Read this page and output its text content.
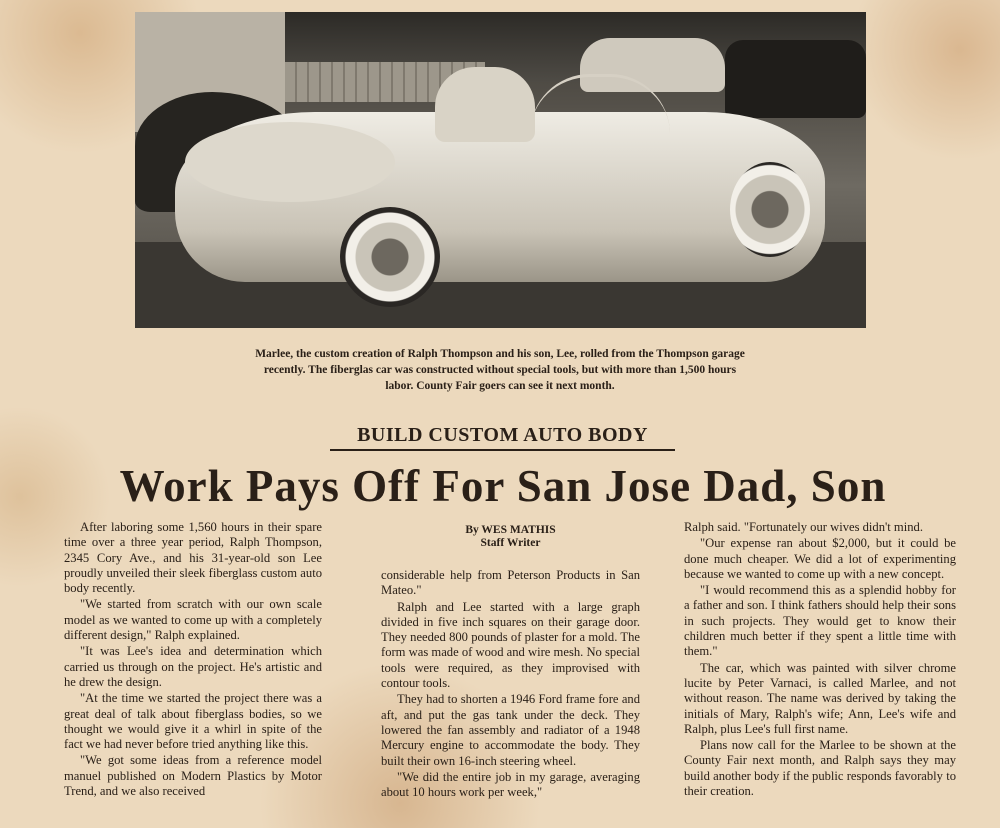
Marlee, the custom creation of Ralph Thompson and his son, Lee, rolled from the Thompson garage recently. The fiberglas car was constructed without special tools, but with more than 1,500 hours labor. County Fair goers can see it next month.
BUILD CUSTOM AUTO BODY
Work Pays Off For San Jose Dad, Son

After laboring some 1,560 hours in their spare time over a three year period, Ralph Thompson, 2345 Cory Ave., and his 31-year-old son Lee proudly unveiled their sleek fiberglass custom auto body recently.

"We started from scratch with our own scale model as we wanted to come up with a completely different design," Ralph explained.

"It was Lee's idea and determination which carried us through on the project. He's artistic and he drew the design.

"At the time we started the project there was a great deal of talk about fiberglass bodies, so we thought we would give it a whirl in spite of the fact we had never before tried anything like this.

"We got some ideas from a reference model manuel published on Modern Plastics by Motor Trend, and we also received

By WES MATHIS
Staff Writer

considerable help from Peterson Products in San Mateo."

Ralph and Lee started with a large graph divided in five inch squares on their garage door. They needed 800 pounds of plaster for a mold. The form was made of wood and wire mesh. No special tools were required, as they improvised with contour tools.

They had to shorten a 1946 Ford frame fore and aft, and put the gas tank under the deck. They lowered the fan assembly and radiator of a 1948 Mercury engine to accommodate the body. They built their own 16-inch steering wheel.

"We did the entire job in my garage, averaging about 10 hours work per week,"

Ralph said. "Fortunately our wives didn't mind.

"Our expense ran about $2,000, but it could be done much cheaper. We did a lot of experimenting because we wanted to come up with a new concept.

"I would recommend this as a splendid hobby for a father and son. I think fathers should help their sons in such projects. They would get to know their children much better if they spent a little time with them."

The car, which was painted with silver chrome lucite by Peter Varnaci, is called Marlee, and not without reason. The name was derived by taking the initials of Mary, Ralph's wife; Ann, Lee's wife and Ralph, plus Lee's full first name.

Plans now call for the Marlee to be shown at the County Fair next month, and Ralph says they may build another body if the public responds favorably to their creation.
